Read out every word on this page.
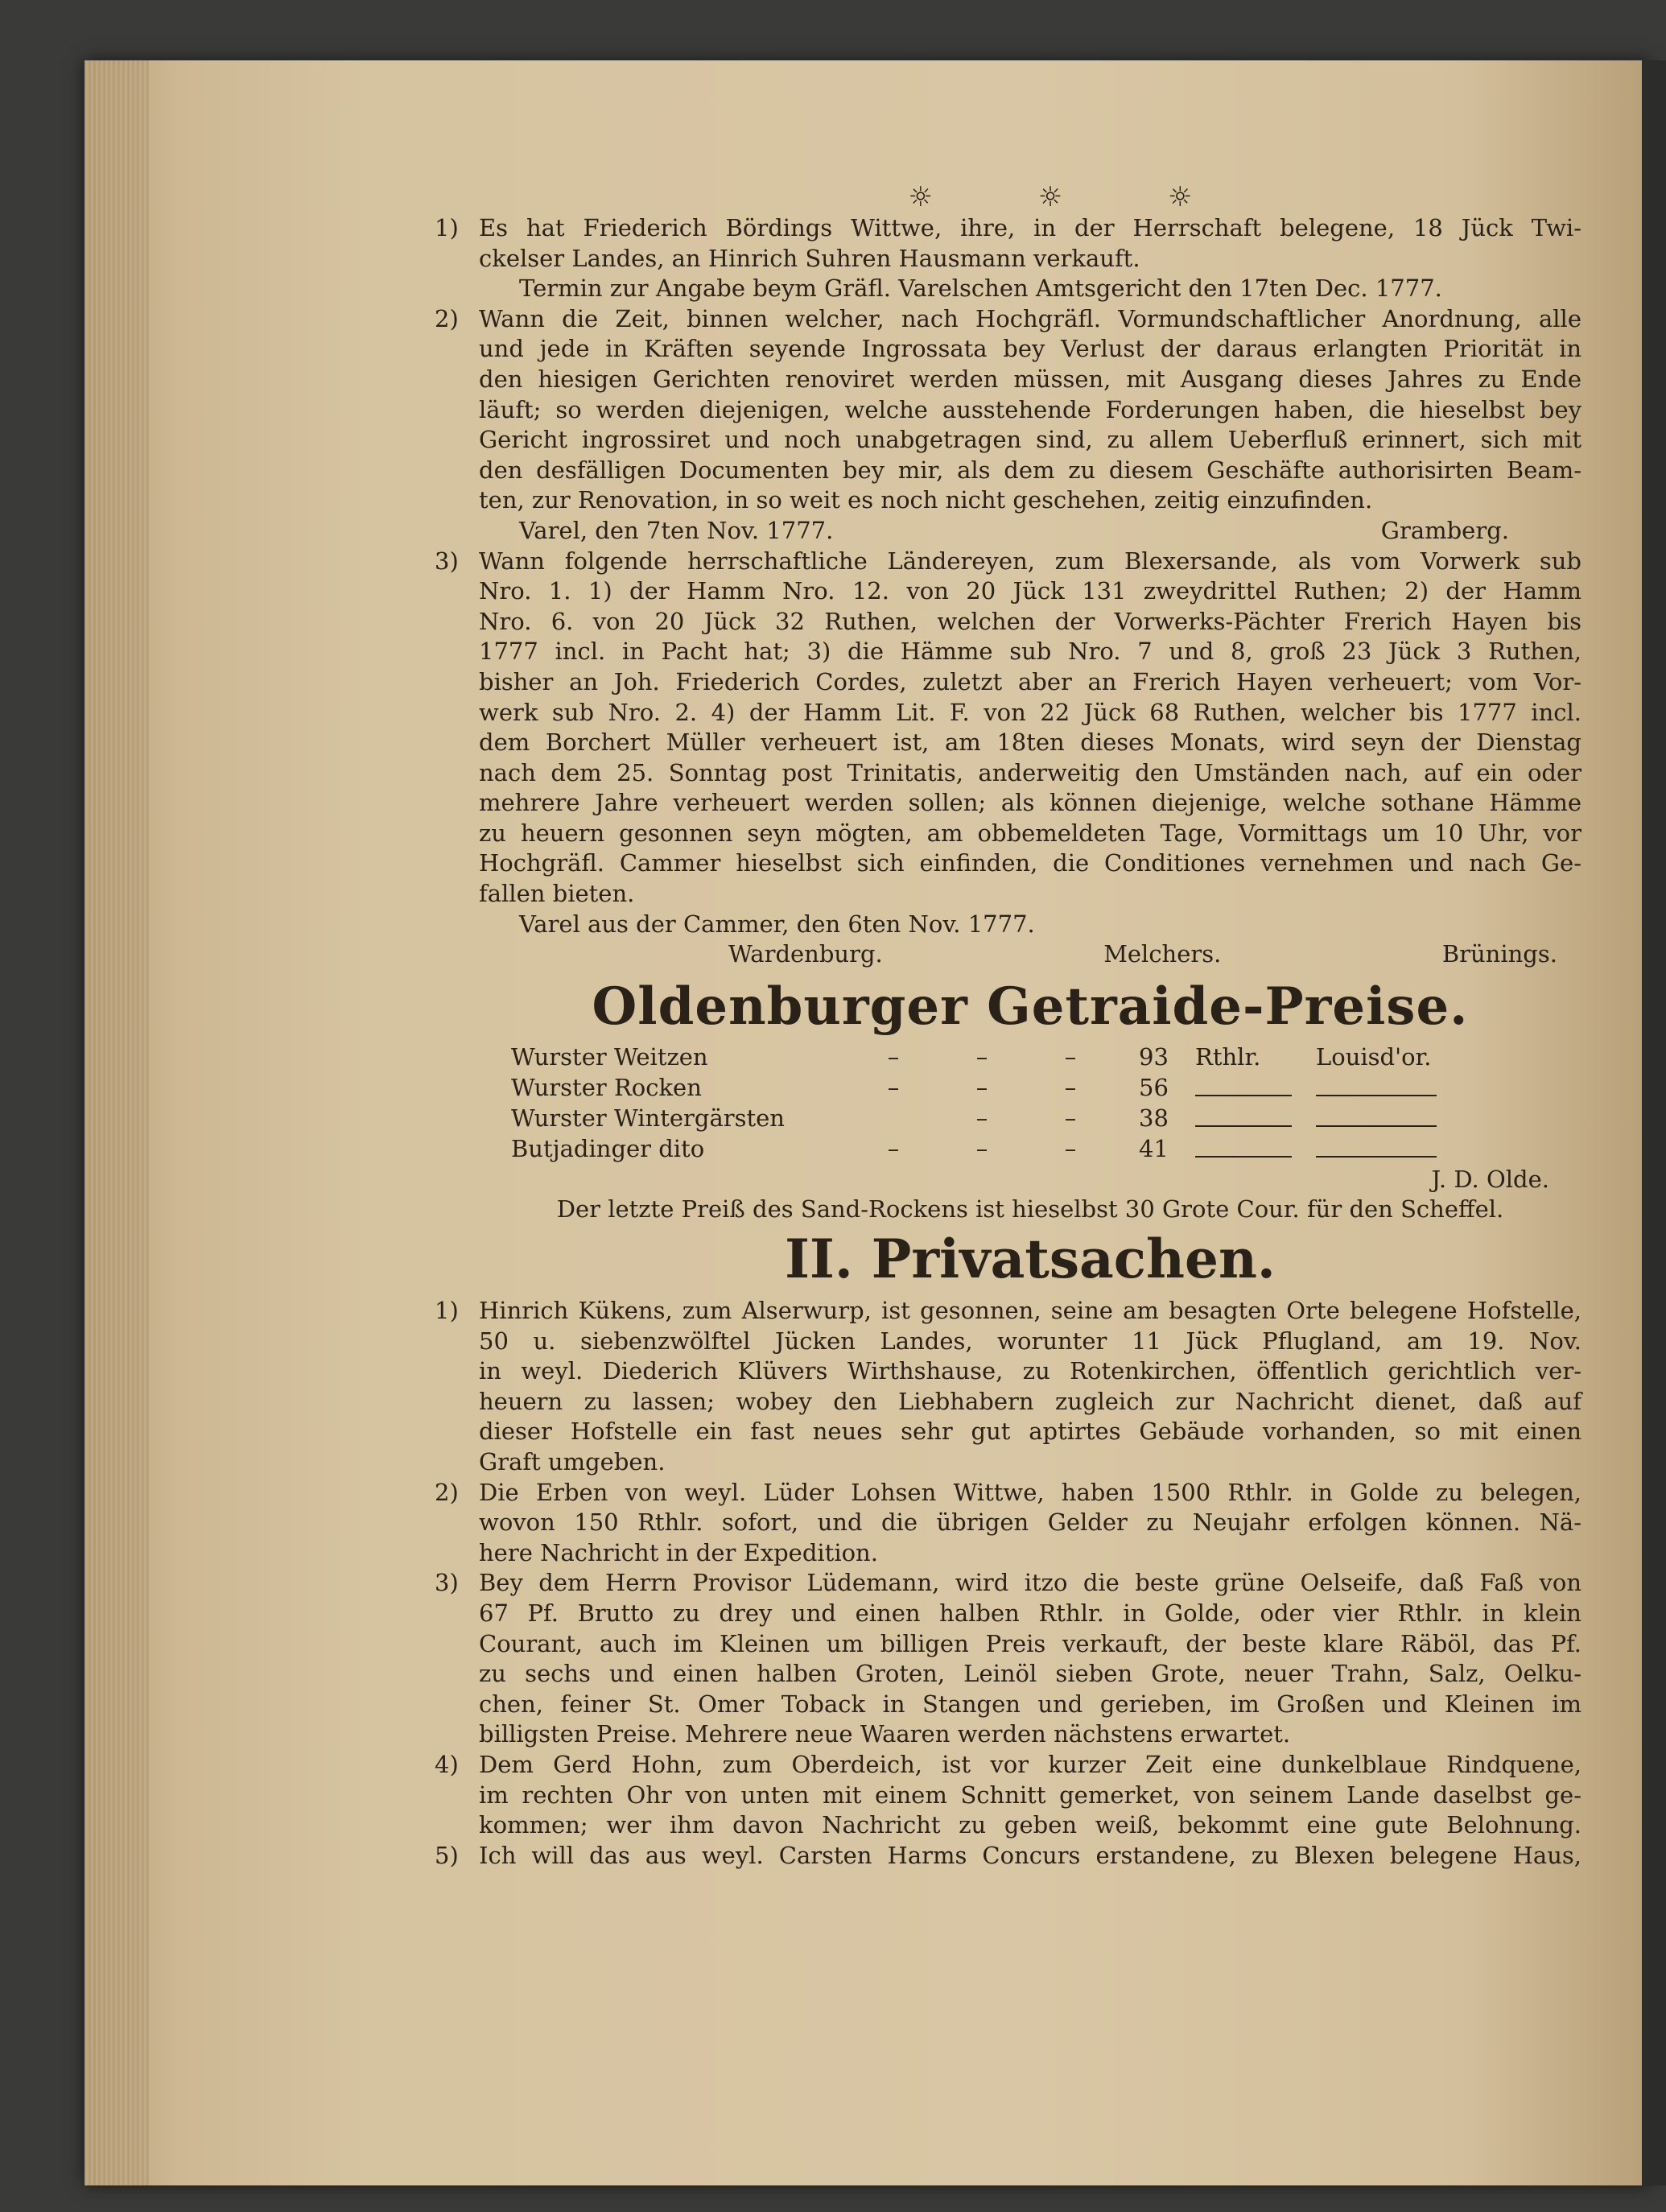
☼ ☼ ☼
1) Es hat Friederich Bördings Wittwe, ihre, in der Herrschaft belegene, 18 Jück Twi-
ckelser Landes, an Hinrich Suhren Hausmann verkauft.
Termin zur Angabe beym Gräfl. Varelschen Amtsgericht den 17ten Dec. 1777.
2) Wann die Zeit, binnen welcher, nach Hochgräfl. Vormundschaftlicher Anordnung, alle
und jede in Kräften seyende Ingrossata bey Verlust der daraus erlangten Priorität in
den hiesigen Gerichten renoviret werden müssen, mit Ausgang dieses Jahres zu Ende
läuft; so werden diejenigen, welche ausstehende Forderungen haben, die hieselbst bey
Gericht ingrossiret und noch unabgetragen sind, zu allem Ueberfluß erinnert, sich mit
den desfälligen Documenten bey mir, als dem zu diesem Geschäfte authorisirten Beam-
ten, zur Renovation, in so weit es noch nicht geschehen, zeitig einzufinden.
Varel, den 7ten Nov. 1777.	Gramberg.
3) Wann folgende herrschaftliche Ländereyen, zum Blexersande, als vom Vorwerk sub
Nro. 1. 1) der Hamm Nro. 12. von 20 Jück 131 zweydrittel Ruthen; 2) der Hamm
Nro. 6. von 20 Jück 32 Ruthen, welchen der Vorwerks-Pächter Frerich Hayen bis
1777 incl. in Pacht hat; 3) die Hämme sub Nro. 7 und 8, groß 23 Jück 3 Ruthen,
bisher an Joh. Friederich Cordes, zuletzt aber an Frerich Hayen verheuert; vom Vor-
werk sub Nro. 2. 4) der Hamm Lit. F. von 22 Jück 68 Ruthen, welcher bis 1777 incl.
dem Borchert Müller verheuert ist, am 18ten dieses Monats, wird seyn der Dienstag
nach dem 25. Sonntag post Trinitatis, anderweitig den Umständen nach, auf ein oder
mehrere Jahre verheuert werden sollen; als können diejenige, welche sothane Hämme
zu heuern gesonnen seyn mögten, am obbemeldeten Tage, Vormittags um 10 Uhr, vor
Hochgräfl. Cammer hieselbst sich einfinden, die Conditiones vernehmen und nach Ge-
fallen bieten.
Varel aus der Cammer, den 6ten Nov. 1777.
Wardenburg.	Melchers.	Brünings.
Oldenburger Getraide-Preise.
Wurster Weitzen	–	–	–	93	Rthlr.	Louisd'or.
Wurster Rocken	–	–	–	56	

Wurster Wintergärsten		–	–	38	

Butjadinger dito	–	–	–	41	

J. D. Olde.
Der letzte Preiß des Sand-Rockens ist hieselbst 30 Grote Cour. für den Scheffel.
II. Privatsachen.
1) Hinrich Kükens, zum Alserwurp, ist gesonnen, seine am besagten Orte belegene Hofstelle,
50 u. siebenzwölftel Jücken Landes, worunter 11 Jück Pflugland, am 19. Nov.
in weyl. Diederich Klüvers Wirthshause, zu Rotenkirchen, öffentlich gerichtlich ver-
heuern zu lassen; wobey den Liebhabern zugleich zur Nachricht dienet, daß auf
dieser Hofstelle ein fast neues sehr gut aptirtes Gebäude vorhanden, so mit einen
Graft umgeben.
2) Die Erben von weyl. Lüder Lohsen Wittwe, haben 1500 Rthlr. in Golde zu belegen,
wovon 150 Rthlr. sofort, und die übrigen Gelder zu Neujahr erfolgen können. Nä-
here Nachricht in der Expedition.
3) Bey dem Herrn Provisor Lüdemann, wird itzo die beste grüne Oelseife, daß Faß von
67 Pf. Brutto zu drey und einen halben Rthlr. in Golde, oder vier Rthlr. in klein
Courant, auch im Kleinen um billigen Preis verkauft, der beste klare Räböl, das Pf.
zu sechs und einen halben Groten, Leinöl sieben Grote, neuer Trahn, Salz, Oelku-
chen, feiner St. Omer Toback in Stangen und gerieben, im Großen und Kleinen im
billigsten Preise. Mehrere neue Waaren werden nächstens erwartet.
4) Dem Gerd Hohn, zum Oberdeich, ist vor kurzer Zeit eine dunkelblaue Rindquene,
im rechten Ohr von unten mit einem Schnitt gemerket, von seinem Lande daselbst ge-
kommen; wer ihm davon Nachricht zu geben weiß, bekommt eine gute Belohnung.
5) Ich will das aus weyl. Carsten Harms Concurs erstandene, zu Blexen belegene Haus,
